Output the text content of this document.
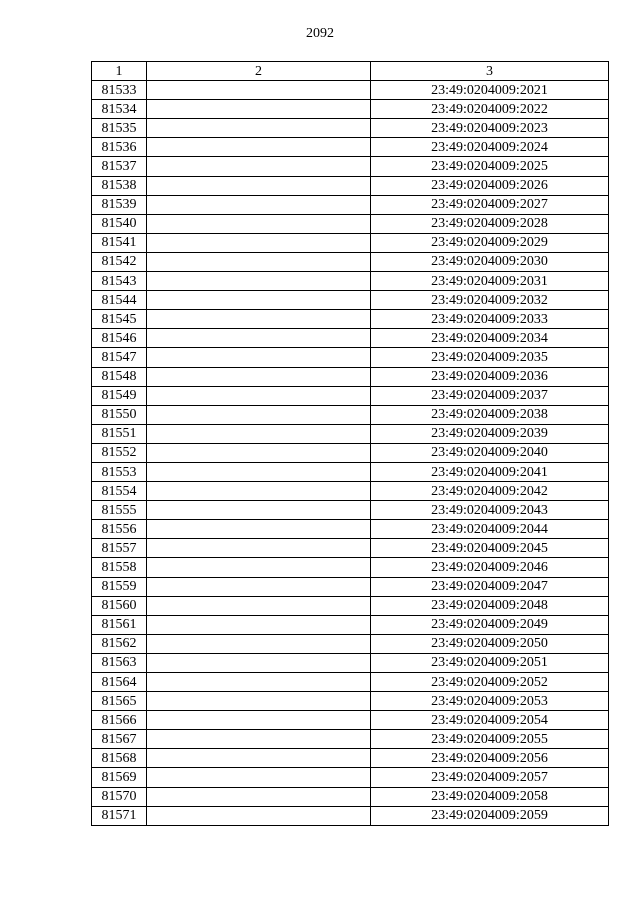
2092
1	2	3
81533		23:49:0204009:2021
81534		23:49:0204009:2022
81535		23:49:0204009:2023
81536		23:49:0204009:2024
81537		23:49:0204009:2025
81538		23:49:0204009:2026
81539		23:49:0204009:2027
81540		23:49:0204009:2028
81541		23:49:0204009:2029
81542		23:49:0204009:2030
81543		23:49:0204009:2031
81544		23:49:0204009:2032
81545		23:49:0204009:2033
81546		23:49:0204009:2034
81547		23:49:0204009:2035
81548		23:49:0204009:2036
81549		23:49:0204009:2037
81550		23:49:0204009:2038
81551		23:49:0204009:2039
81552		23:49:0204009:2040
81553		23:49:0204009:2041
81554		23:49:0204009:2042
81555		23:49:0204009:2043
81556		23:49:0204009:2044
81557		23:49:0204009:2045
81558		23:49:0204009:2046
81559		23:49:0204009:2047
81560		23:49:0204009:2048
81561		23:49:0204009:2049
81562		23:49:0204009:2050
81563		23:49:0204009:2051
81564		23:49:0204009:2052
81565		23:49:0204009:2053
81566		23:49:0204009:2054
81567		23:49:0204009:2055
81568		23:49:0204009:2056
81569		23:49:0204009:2057
81570		23:49:0204009:2058
81571		23:49:0204009:2059
